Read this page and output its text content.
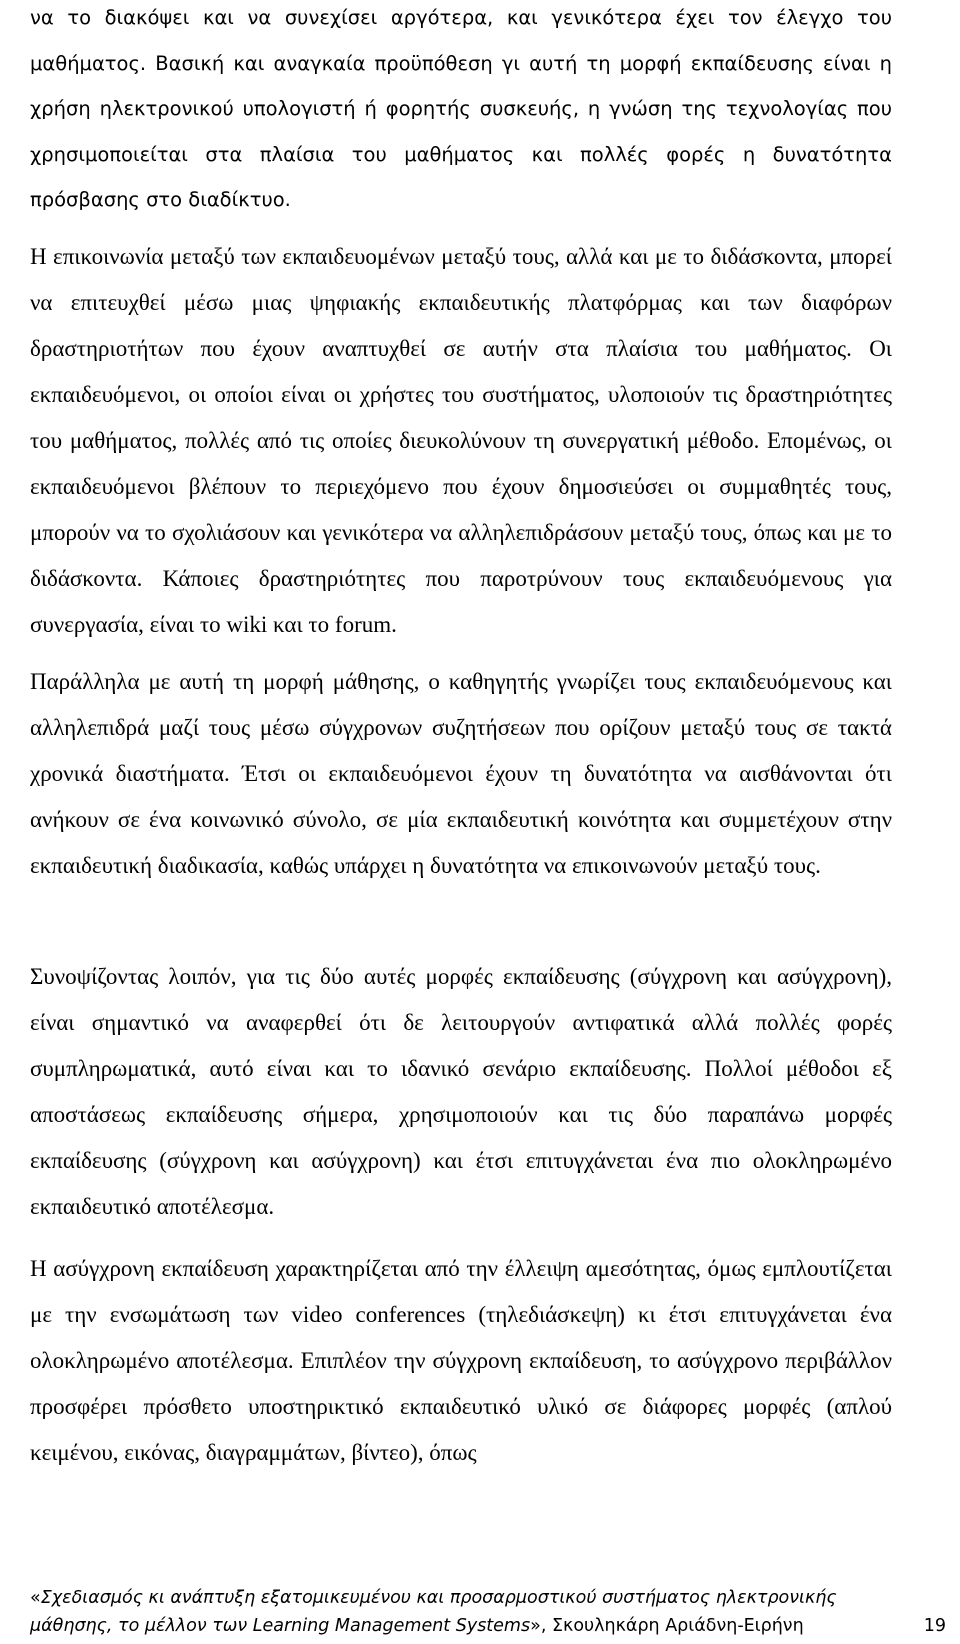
να το διακόψει και να συνεχίσει αργότερα, και γενικότερα έχει τον έλεγχο του μαθήματος. Βασική και αναγκαία προϋπόθεση γι αυτή τη μορφή εκπαίδευσης είναι η χρήση ηλεκτρονικού υπολογιστή ή φορητής συσκευής, η γνώση της τεχνολογίας που χρησιμοποιείται στα πλαίσια του μαθήματος και πολλές φορές η δυνατότητα πρόσβασης στο διαδίκτυο.

Η επικοινωνία μεταξύ των εκπαιδευομένων μεταξύ τους, αλλά και με το διδάσκοντα, μπορεί να επιτευχθεί μέσω μιας ψηφιακής εκπαιδευτικής πλατφόρμας και των διαφόρων δραστηριοτήτων που έχουν αναπτυχθεί σε αυτήν στα πλαίσια του μαθήματος. Οι εκπαιδευόμενοι, οι οποίοι είναι οι χρήστες του συστήματος, υλοποιούν τις δραστηριότητες του μαθήματος, πολλές από τις οποίες διευκολύνουν τη συνεργατική μέθοδο. Επομένως, οι εκπαιδευόμενοι βλέπουν το περιεχόμενο που έχουν δημοσιεύσει οι συμμαθητές τους, μπορούν να το σχολιάσουν και γενικότερα να αλληλεπιδράσουν μεταξύ τους, όπως και με το διδάσκοντα. Κάποιες δραστηριότητες που παροτρύνουν τους εκπαιδευόμενους για συνεργασία, είναι το wiki και το forum.

Παράλληλα με αυτή τη μορφή μάθησης, ο καθηγητής γνωρίζει τους εκπαιδευόμενους και αλληλεπιδρά μαζί τους μέσω σύγχρονων συζητήσεων που ορίζουν μεταξύ τους σε τακτά χρονικά διαστήματα. Έτσι οι εκπαιδευόμενοι έχουν τη δυνατότητα να αισθάνονται ότι ανήκουν σε ένα κοινωνικό σύνολο, σε μία εκπαιδευτική κοινότητα και συμμετέχουν στην εκπαιδευτική διαδικασία, καθώς υπάρχει η δυνατότητα να επικοινωνούν μεταξύ τους.

Συνοψίζοντας λοιπόν, για τις δύο αυτές μορφές εκπαίδευσης (σύγχρονη και ασύγχρονη), είναι σημαντικό να αναφερθεί ότι δε λειτουργούν αντιφατικά αλλά πολλές φορές συμπληρωματικά, αυτό είναι και το ιδανικό σενάριο εκπαίδευσης. Πολλοί μέθοδοι εξ αποστάσεως εκπαίδευσης σήμερα, χρησιμοποιούν και τις δύο παραπάνω μορφές εκπαίδευσης (σύγχρονη και ασύγχρονη) και έτσι επιτυγχάνεται ένα πιο ολοκληρωμένο εκπαιδευτικό αποτέλεσμα.

Η ασύγχρονη εκπαίδευση χαρακτηρίζεται από την έλλειψη αμεσότητας, όμως εμπλουτίζεται με την ενσωμάτωση των video conferences (τηλεδιάσκεψη) κι έτσι επιτυγχάνεται ένα ολοκληρωμένο αποτέλεσμα. Επιπλέον την σύγχρονη εκπαίδευση, το ασύγχρονο περιβάλλον προσφέρει πρόσθετο υποστηρικτικό εκπαιδευτικό υλικό σε διάφορες μορφές (απλού κειμένου, εικόνας, διαγραμμάτων, βίντεο), όπως

«Σχεδιασμός κι ανάπτυξη εξατομικευμένου και προσαρμοστικού συστήματος ηλεκτρονικής
μάθησης, το μέλλον των Learning Management Systems», Σκουληκάρη Αριάδνη-Ειρήνη	19
